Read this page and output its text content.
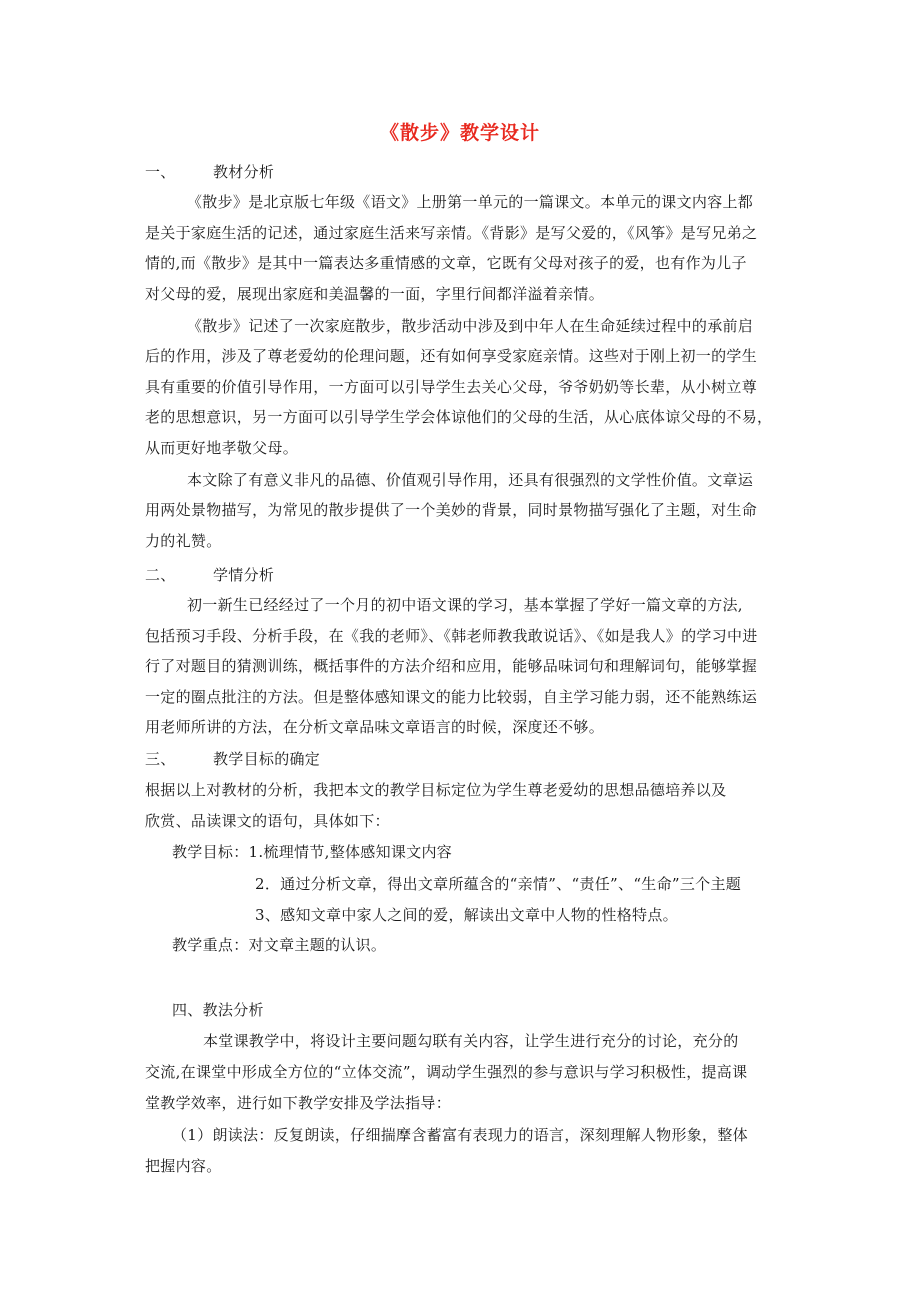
《散步》教学设计
一、 教材分析
《散步》是北京版七年级《语文》上册第一单元的一篇课文。本单元的课文内容上都
是关于家庭生活的记述，通过家庭生活来写亲情。《背影》是写父爱的，《风筝》是写兄弟之
情的,而《散步》是其中一篇表达多重情感的文章，它既有父母对孩子的爱，也有作为儿子
对父母的爱，展现出家庭和美温馨的一面，字里行间都洋溢着亲情。
《散步》记述了一次家庭散步，散步活动中涉及到中年人在生命延续过程中的承前启
后的作用，涉及了尊老爱幼的伦理问题，还有如何享受家庭亲情。这些对于刚上初一的学生
具有重要的价值引导作用，一方面可以引导学生去关心父母，爷爷奶奶等长辈，从小树立尊
老的思想意识，另一方面可以引导学生学会体谅他们的父母的生活，从心底体谅父母的不易，
从而更好地孝敬父母。
本文除了有意义非凡的品德、价值观引导作用，还具有很强烈的文学性价值。文章运
用两处景物描写，为常见的散步提供了一个美妙的背景，同时景物描写强化了主题，对生命
力的礼赞。
二、 学情分析
初一新生已经经过了一个月的初中语文课的学习，基本掌握了学好一篇文章的方法,
包括预习手段、分析手段，在《我的老师》、《韩老师教我敢说话》、《如是我人》的学习中进
行了对题目的猜测训练，概括事件的方法介绍和应用，能够品味词句和理解词句，能够掌握
一定的圈点批注的方法。但是整体感知课文的能力比较弱，自主学习能力弱，还不能熟练运
用老师所讲的方法，在分析文章品味文章语言的时候，深度还不够。
三、 教学目标的确定
根据以上对教材的分析，我把本文的教学目标定位为学生尊老爱幼的思想品德培养以及
欣赏、品读课文的语句，具体如下：
教学目标：1.梳理情节,整体感知课文内容
2．通过分析文章，得出文章所蕴含的“亲情”、“责任”、“生命”三个主题
3、感知文章中家人之间的爱，解读出文章中人物的性格特点。
教学重点：对文章主题的认识。
四、教法分析
本堂课教学中，将设计主要问题勾联有关内容，让学生进行充分的讨论，充分的
交流,在课堂中形成全方位的“立体交流”，调动学生强烈的参与意识与学习积极性，提高课
堂教学效率，进行如下教学安排及学法指导：
（1）朗读法：反复朗读，仔细揣摩含蓄富有表现力的语言，深刻理解人物形象，整体
把握内容。
